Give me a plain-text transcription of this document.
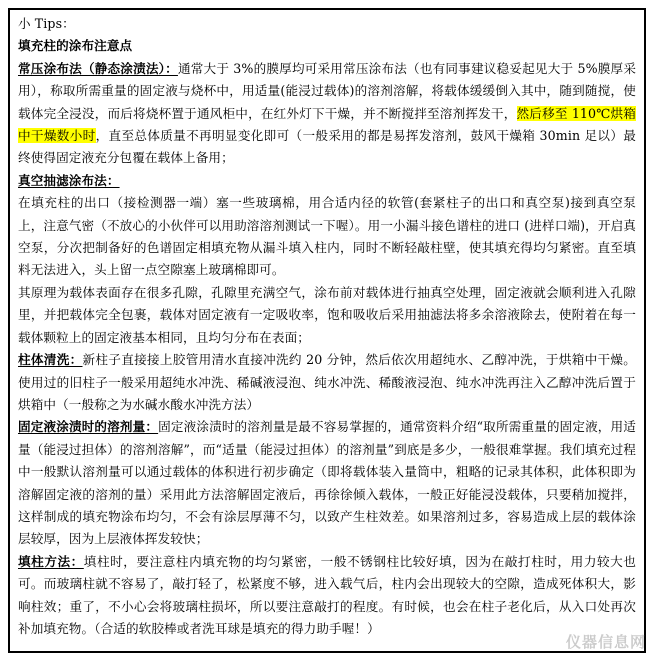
小 Tips：
填充柱的涂布注意点
常压涂布法（静态涂渍法）：通常大于 3%的膜厚均可采用常压涂布法（也有同事建议稳妥起见大于 5%膜厚采用），称取所需重量的固定液与烧杯中，用适量(能浸过载体)的溶剂溶解，将载体缓缓倒入其中，随到随搅，使载体完全浸没，而后将烧杯置于通风柜中，在红外灯下干燥，并不断搅拌至溶剂挥发干，然后移至 110℃烘箱中干燥数小时，直至总体质量不再明显变化即可（一般采用的都是易挥发溶剂，鼓风干燥箱 30min 足以）最终使得固定液充分包覆在载体上备用；
真空抽滤涂布法：
在填充柱的出口（接检测器一端）塞一些玻璃棉，用合适内径的软管(套紧柱子的出口和真空泵)接到真空泵上，注意气密（不放心的小伙伴可以用助溶溶剂测试一下喔）。用一小漏斗接色谱柱的进口 (进样口端)，开启真空泵，分次把制备好的色谱固定相填充物从漏斗填入柱内，同时不断轻敲柱壁，使其填充得均匀紧密。直至填料无法进入，头上留一点空隙塞上玻璃棉即可。
其原理为载体表面存在很多孔隙，孔隙里充满空气，涂布前对载体进行抽真空处理，固定液就会顺利进入孔隙里，并把载体完全包裹，载体对固定液有一定吸收率，饱和吸收后采用抽滤法将多余溶液除去，使附着在每一载体颗粒上的固定液基本相同，且均匀分布在表面；
柱体清洗：新柱子直接接上胶管用清水直接冲洗约 20 分钟，然后依次用超纯水、乙醇冲洗，于烘箱中干燥。使用过的旧柱子一般采用超纯水冲洗、稀碱液浸泡、纯水冲洗、稀酸液浸泡、纯水冲洗再注入乙醇冲洗后置于烘箱中（一般称之为水碱水酸水冲洗方法）
固定液涂渍时的溶剂量：固定液涂渍时的溶剂量是最不容易掌握的，通常资料介绍“取所需重量的固定液，用适量（能浸过担体）的溶剂溶解”，而“适量（能浸过担体）的溶剂量”到底是多少，一般很难掌握。我们填充过程中一般默认溶剂量可以通过载体的体积进行初步确定（即将载体装入量筒中，粗略的记录其体积，此体积即为溶解固定液的溶剂的量）采用此方法溶解固定液后，再徐徐倾入载体，一般正好能浸没载体，只要稍加搅拌，这样制成的填充物涂布均匀，不会有涂层厚薄不匀，以致产生柱效差。如果溶剂过多，容易造成上层的载体涂层较厚，因为上层液体挥发较快；
填柱方法：填柱时，要注意柱内填充物的均匀紧密，一般不锈钢柱比较好填，因为在敲打柱时，用力较大也可。而玻璃柱就不容易了，敲打轻了，松紧度不够，进入载气后，柱内会出现较大的空隙，造成死体积大，影响柱效；重了，不小心会将玻璃柱损坏，所以要注意敲打的程度。有时候，也会在柱子老化后，从入口处再次补加填充物。（合适的软胶棒或者洗耳球是填充的得力助手喔！）
仪器信息网
